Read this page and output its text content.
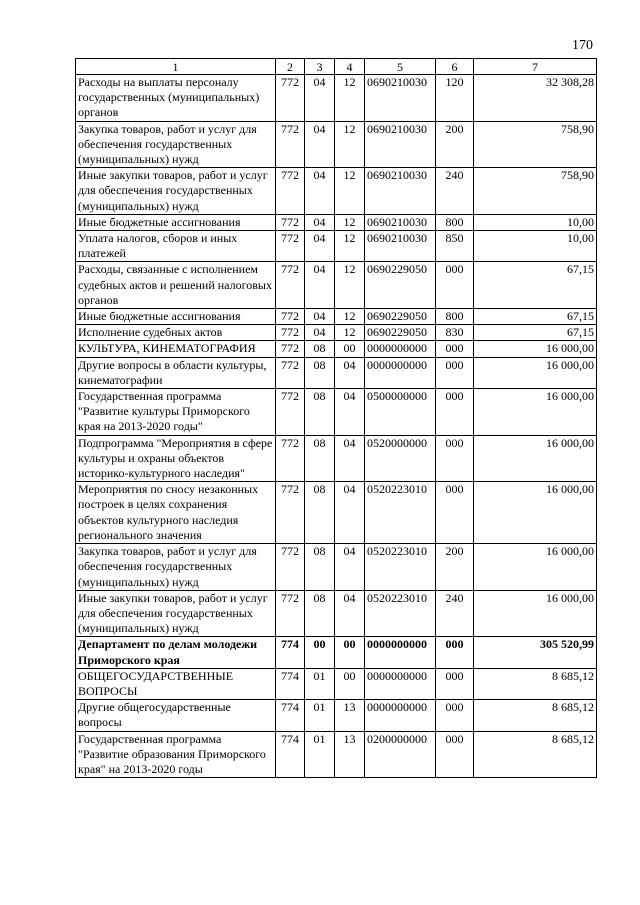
170
1	2	3	4	5	6	7
Расходы на выплаты персоналу государственных (муниципальных) органов	772	04	12	0690210030	120	32 308,28
Закупка товаров, работ и услуг для обеспечения государственных (муниципальных) нужд	772	04	12	0690210030	200	758,90
Иные закупки товаров, работ и услуг для обеспечения государственных (муниципальных) нужд	772	04	12	0690210030	240	758,90
Иные бюджетные ассигнования	772	04	12	0690210030	800	10,00
Уплата налогов, сборов и иных платежей	772	04	12	0690210030	850	10,00
Расходы, связанные с исполнением судебных актов и решений налоговых органов	772	04	12	0690229050	000	67,15
Иные бюджетные ассигнования	772	04	12	0690229050	800	67,15
Исполнение судебных актов	772	04	12	0690229050	830	67,15
КУЛЬТУРА, КИНЕМАТОГРАФИЯ	772	08	00	0000000000	000	16 000,00
Другие вопросы в области культуры, кинематографии	772	08	04	0000000000	000	16 000,00
Государственная программа "Развитие культуры Приморского края на 2013-2020 годы"	772	08	04	0500000000	000	16 000,00
Подпрограмма "Мероприятия в сфере культуры и охраны объектов историко-культурного наследия"	772	08	04	0520000000	000	16 000,00
Мероприятия по сносу незаконных построек в целях сохранения объектов культурного наследия регионального значения	772	08	04	0520223010	000	16 000,00
Закупка товаров, работ и услуг для обеспечения государственных (муниципальных) нужд	772	08	04	0520223010	200	16 000,00
Иные закупки товаров, работ и услуг для обеспечения государственных (муниципальных) нужд	772	08	04	0520223010	240	16 000,00
Департамент по делам молодежи Приморского края	774	00	00	0000000000	000	305 520,99
ОБЩЕГОСУДАРСТВЕННЫЕ ВОПРОСЫ	774	01	00	0000000000	000	8 685,12
Другие общегосударственные вопросы	774	01	13	0000000000	000	8 685,12
Государственная программа "Развитие образования Приморского края" на 2013-2020 годы	774	01	13	0200000000	000	8 685,12
